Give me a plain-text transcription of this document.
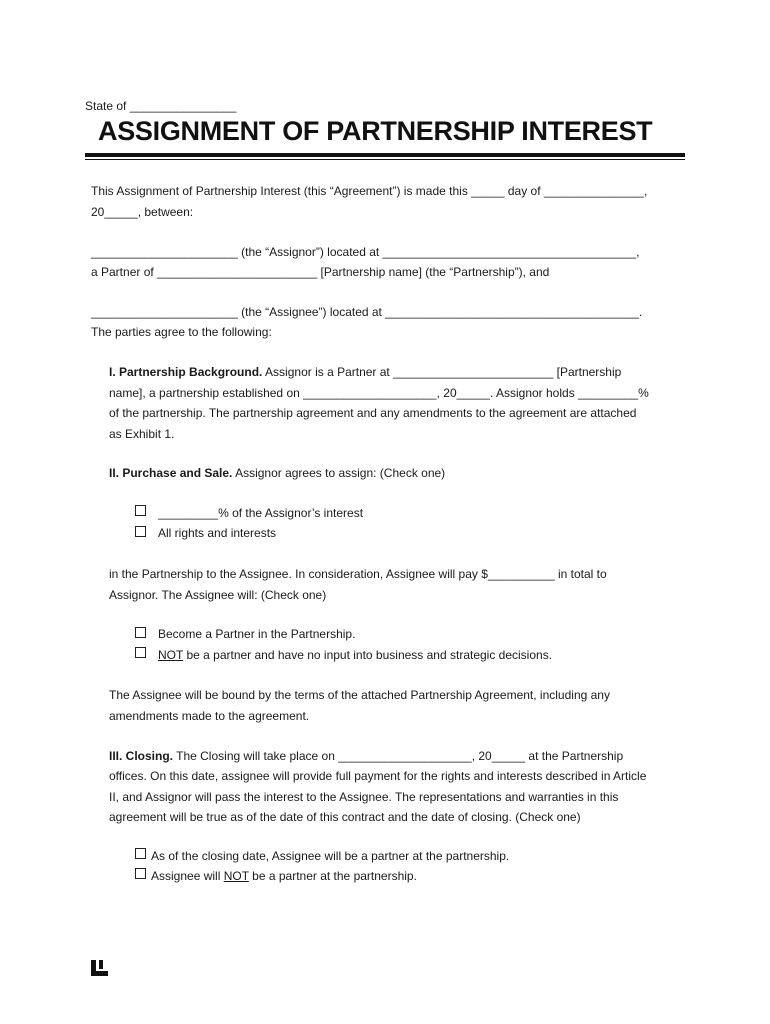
State of ________________
ASSIGNMENT OF PARTNERSHIP INTEREST
This Assignment of Partnership Interest (this “Agreement”) is made this _____ day of _______________,
20_____, between:
______________________ (the “Assignor”) located at ______________________________________,
a Partner of ________________________ [Partnership name] (the “Partnership”), and
______________________ (the “Assignee”) located at ______________________________________.
The parties agree to the following:
I. Partnership Background. Assignor is a Partner at ________________________ [Partnership
name], a partnership established on ____________________, 20_____. Assignor holds _________%
of the partnership. The partnership agreement and any amendments to the agreement are attached
as Exhibit 1.
II. Purchase and Sale. Assignor agrees to assign: (Check one)
_________% of the Assignor’s interest
All rights and interests
in the Partnership to the Assignee. In consideration, Assignee will pay $__________ in total to
Assignor. The Assignee will: (Check one)
Become a Partner in the Partnership.
NOT be a partner and have no input into business and strategic decisions.
The Assignee will be bound by the terms of the attached Partnership Agreement, including any
amendments made to the agreement.
III. Closing. The Closing will take place on ____________________, 20_____ at the Partnership
offices. On this date, assignee will provide full payment for the rights and interests described in Article
II, and Assignor will pass the interest to the Assignee. The representations and warranties in this
agreement will be true as of the date of this contract and the date of closing. (Check one)
As of the closing date, Assignee will be a partner at the partnership.
Assignee will NOT be a partner at the partnership.
